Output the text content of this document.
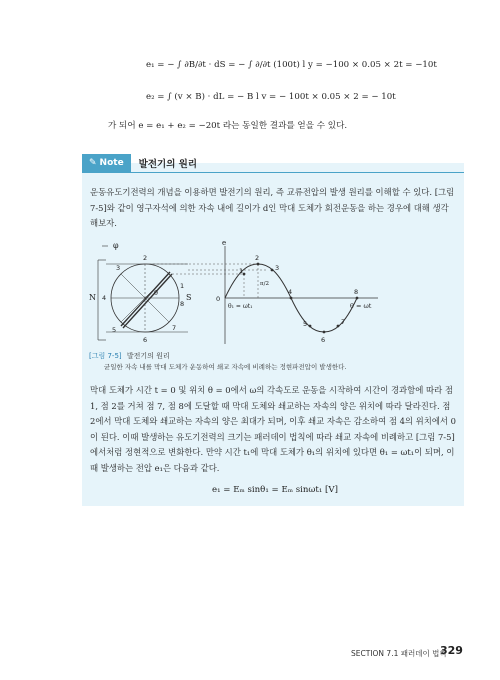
e₁ = − ∫ ∂B/∂t · dS = − ∫ ∂/∂t (100t) l y = −100 × 0.05 × 2t = −10t
e₂ = ∫ (v × B) · dL = − B l v = − 100t × 0.05 × 2 = − 10t
가 되어 e = e₁ + e₂ = −20t 라는 동일한 결과를 얻을 수 있다.
✎ Note 발전기의 원리
운동유도기전력의 개념을 이용하면 발전기의 원리, 즉 교류전압의 발생 원리를 이해할 수 있다. [그림
7-5]와 같이 영구자석에 의한 자속 내에 길이가 d인 막대 도체가 회전운동을 하는 경우에 대해 생각
해보자.
φ
N	S
θ
1
2
3
4
5
6
7
8
e
0
θ = ωt
θ₁ = ωt₁
π/2
1
2
3
4
5
6
7
8
[그림 7-5] 발전기의 원리
균일한 자속 내를 막대 도체가 운동하여 쇄교 자속에 비례하는 정현파전압이 발생한다.
막대 도체가 시간 t = 0 및 위치 θ = 0에서 ω의 각속도로 운동을 시작하여 시간이 경과함에 따라 점
1, 점 2를 거쳐 점 7, 점 8에 도달할 때 막대 도체와 쇄교하는 자속의 양은 위치에 따라 달라진다. 점
2에서 막대 도체와 쇄교하는 자속의 양은 최대가 되며, 이후 쇄교 자속은 감소하여 점 4의 위치에서 0
이 된다. 이때 발생하는 유도기전력의 크기는 패러데이 법칙에 따라 쇄교 자속에 비례하고 [그림 7-5]
에서처럼 정현적으로 변화한다. 만약 시간 t₁에 막대 도체가 θ₁의 위치에 있다면 θ₁ = ωt₁이 되며, 이
때 발생하는 전압 e₁은 다음과 같다.
e₁ = Eₘ sinθ₁ = Eₘ sinωt₁ [V]
SECTION 7.1 패러데이 법칙
329
